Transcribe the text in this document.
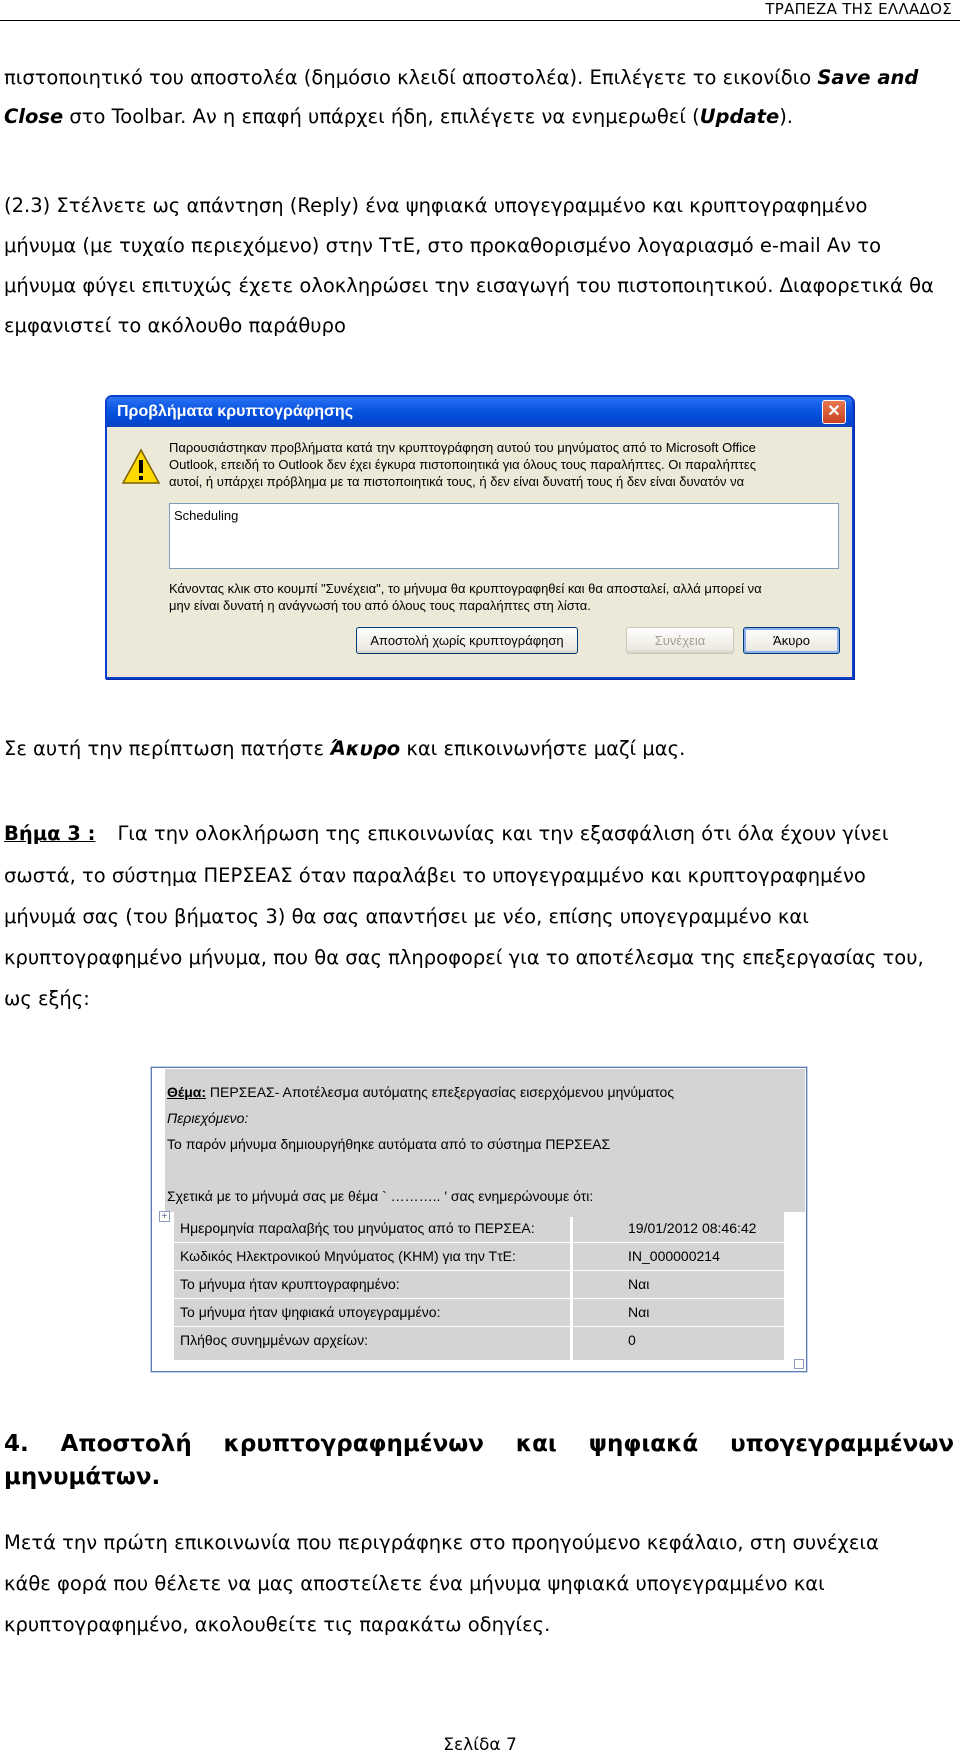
ΤΡΑΠΕΖΑ ΤΗΣ ΕΛΛΑΔΟΣ
πιστοποιητικό του αποστολέα (δημόσιο κλειδί αποστολέα). Επιλέγετε το εικονίδιο Save and
Close στο Toolbar. Αν η επαφή υπάρχει ήδη, επιλέγετε να ενημερωθεί (Update).
(2.3) Στέλνετε ως απάντηση (Reply) ένα ψηφιακά υπογεγραμμένο και κρυπτογραφημένο
μήνυμα (με τυχαίο περιεχόμενο) στην ΤτΕ, στο προκαθορισμένο λογαριασμό e-mail Αν το
μήνυμα φύγει επιτυχώς έχετε ολοκληρώσει την εισαγωγή του πιστοποιητικού. Διαφορετικά θα
εμφανιστεί το ακόλουθο παράθυρο
Προβλήματα κρυπτογράφησης	✕
Παρουσιάστηκαν προβλήματα κατά την κρυπτογράφηση αυτού του μηνύματος από το Microsoft Office
Outlook, επειδή το Outlook δεν έχει έγκυρα πιστοποιητικά για όλους τους παραλήπτες. Οι παραλήπτες
αυτοί, ή υπάρχει πρόβλημα με τα πιστοποιητικά τους, ή δεν είναι δυνατή τους ή δεν είναι δυνατόν να
Scheduling
Κάνοντας κλικ στο κουμπί "Συνέχεια", το μήνυμα θα κρυπτογραφηθεί και θα αποσταλεί, αλλά μπορεί να
μην είναι δυνατή η ανάγνωσή του από όλους τους παραλήπτες στη λίστα.
Αποστολή χωρίς κρυπτογράφηση	Συνέχεια	Άκυρο
Σε αυτή την περίπτωση πατήστε Άκυρο και επικοινωνήστε μαζί μας.
Βήμα 3 : Για την ολοκλήρωση της επικοινωνίας και την εξασφάλιση ότι όλα έχουν γίνει
σωστά, το σύστημα ΠΕΡΣΕΑΣ όταν παραλάβει το υπογεγραμμένο και κρυπτογραφημένο
μήνυμά σας (του βήματος 3) θα σας απαντήσει με νέο, επίσης υπογεγραμμένο και
κρυπτογραφημένο μήνυμα, που θα σας πληροφορεί για το αποτέλεσμα της επεξεργασίας του,
ως εξής:
Θέμα: ΠΕΡΣΕΑΣ- Αποτέλεσμα αυτόματης επεξεργασίας εισερχόμενου μηνύματος
Περιεχόμενο:
Το παρόν μήνυμα δημιουργήθηκε αυτόματα από το σύστημα ΠΕΡΣΕΑΣ
Σχετικά με το μήνυμά σας με θέμα ` ……….. ' σας ενημερώνουμε ότι:
+
Ημερομηνία παραλαβής του μηνύματος από το ΠΕΡΣΕΑ:	19/01/2012 08:46:42
Κωδικός Ηλεκτρονικού Μηνύματος (ΚΗΜ) για την ΤτΕ:	IN_000000214
Το μήνυμα ήταν κρυπτογραφημένο:	Ναι
Το μήνυμα ήταν ψηφιακά υπογεγραμμένο:	Ναι
Πλήθος συνημμένων αρχείων:	0
4. Αποστολή κρυπτογραφημένων και ψηφιακά υπογεγραμμένων
μηνυμάτων.
Μετά την πρώτη επικοινωνία που περιγράφηκε στο προηγούμενο κεφάλαιο, στη συνέχεια
κάθε φορά που θέλετε να μας αποστείλετε ένα μήνυμα ψηφιακά υπογεγραμμένο και
κρυπτογραφημένο, ακολουθείτε τις παρακάτω οδηγίες.
Σελίδα 7
